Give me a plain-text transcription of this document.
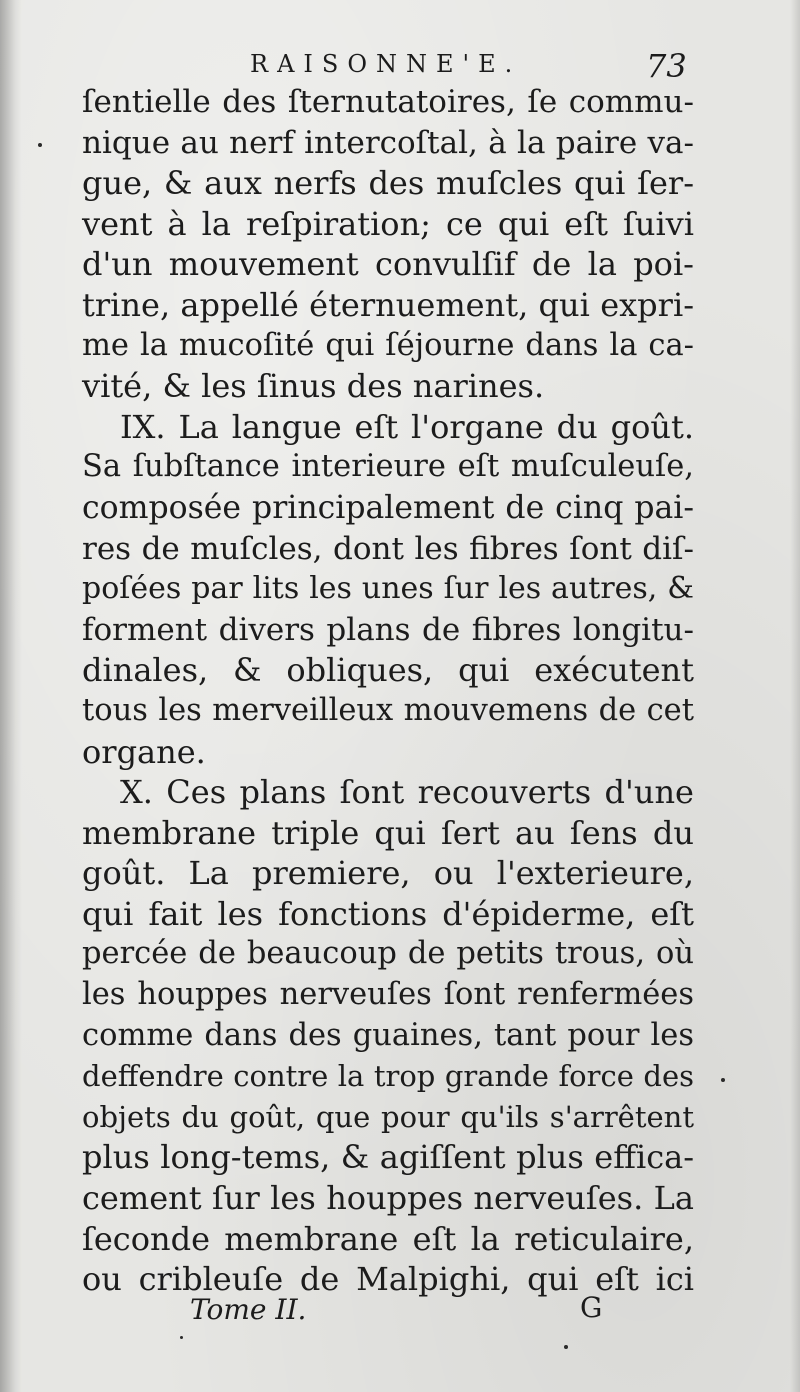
RAISONNE'E.	73
ſentielle des ſternutatoires, ſe commu-
nique au nerf intercoſtal, à la paire va-
gue, & aux nerfs des muſcles qui ſer-
vent à la reſpiration; ce qui eſt ſuivi
d'un mouvement convulſif de la poi-
trine, appellé éternuement, qui expri-
me la mucoſité qui ſéjourne dans la ca-
vité, & les ſinus des narines.
IX. La langue eſt l'organe du goût.
Sa ſubſtance interieure eſt muſculeuſe,
composée principalement de cinq pai-
res de muſcles, dont les fibres ſont diſ-
poſées par lits les unes ſur les autres, &
forment divers plans de fibres longitu-
dinales, & obliques, qui exécutent
tous les merveilleux mouvemens de cet
organe.
X. Ces plans ſont recouverts d'une
membrane triple qui ſert au ſens du
goût. La premiere, ou l'exterieure,
qui fait les fonctions d'épiderme, eſt
percée de beaucoup de petits trous, où
les houppes nerveuſes ſont renfermées
comme dans des guaines, tant pour les
deffendre contre la trop grande force des
objets du goût, que pour qu'ils s'arrêtent
plus long-tems, & agiſſent plus effica-
cement ſur les houppes nerveuſes. La
ſeconde membrane eſt la reticulaire,
ou cribleuſe de Malpighi, qui eſt ici
Tome II.	G
